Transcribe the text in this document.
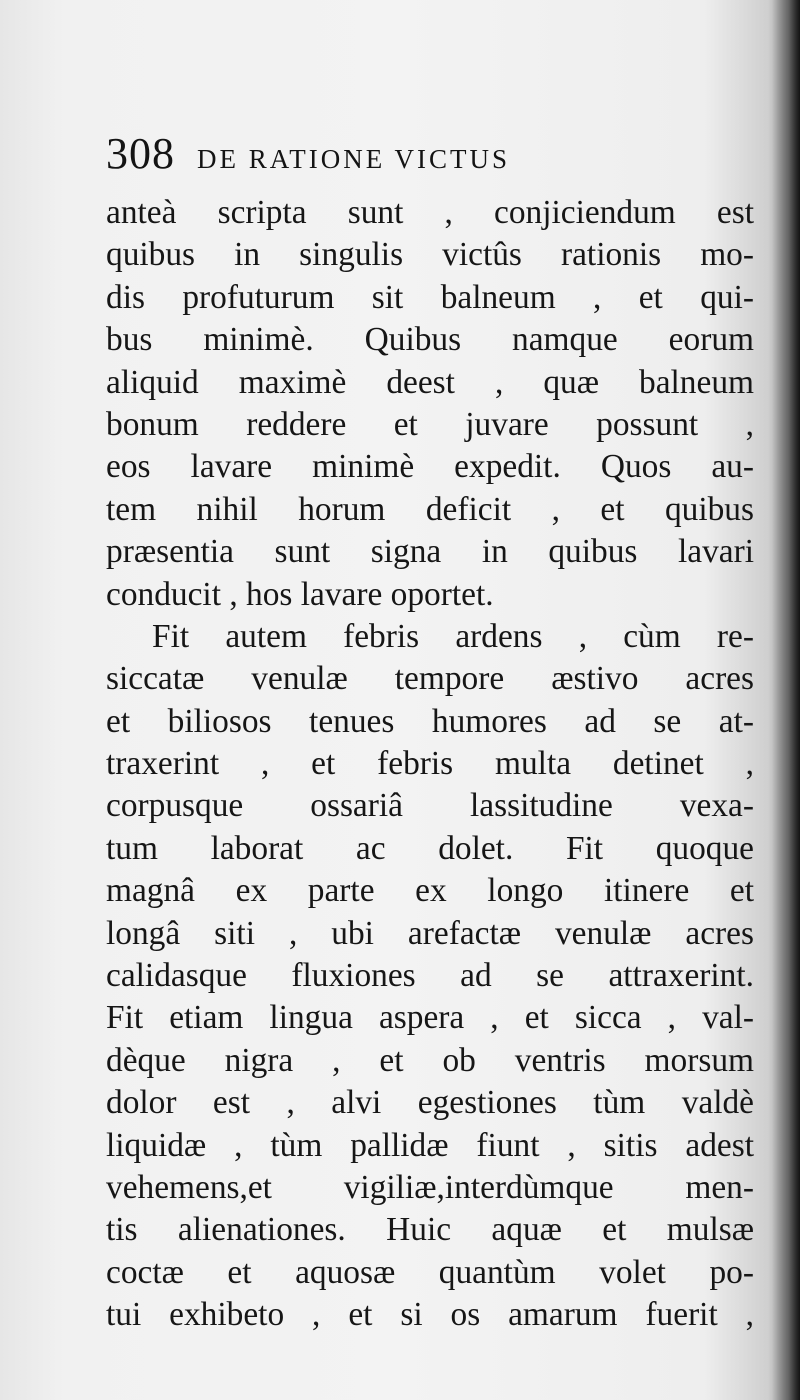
308 DE RATIONE VICTUS
anteà scripta sunt , conjiciendum est
quibus in singulis victûs rationis mo-
dis profuturum sit balneum , et qui-
bus minimè. Quibus namque eorum
aliquid maximè deest , quæ balneum
bonum reddere et juvare possunt ,
eos lavare minimè expedit. Quos au-
tem nihil horum deficit , et quibus
præsentia sunt signa in quibus lavari
conducit , hos lavare oportet.
Fit autem febris ardens , cùm re-
siccatæ venulæ tempore æstivo acres
et biliosos tenues humores ad se at-
traxerint , et febris multa detinet ,
corpusque ossariâ lassitudine vexa-
tum laborat ac dolet. Fit quoque
magnâ ex parte ex longo itinere et
longâ siti , ubi arefactæ venulæ acres
calidasque fluxiones ad se attraxerint.
Fit etiam lingua aspera , et sicca , val-
dèque nigra , et ob ventris morsum
dolor est , alvi egestiones tùm valdè
liquidæ , tùm pallidæ fiunt , sitis adest
vehemens,et vigiliæ,interdùmque men-
tis alienationes. Huic aquæ et mulsæ
coctæ et aquosæ quantùm volet po-
tui exhibeto , et si os amarum fuerit ,
